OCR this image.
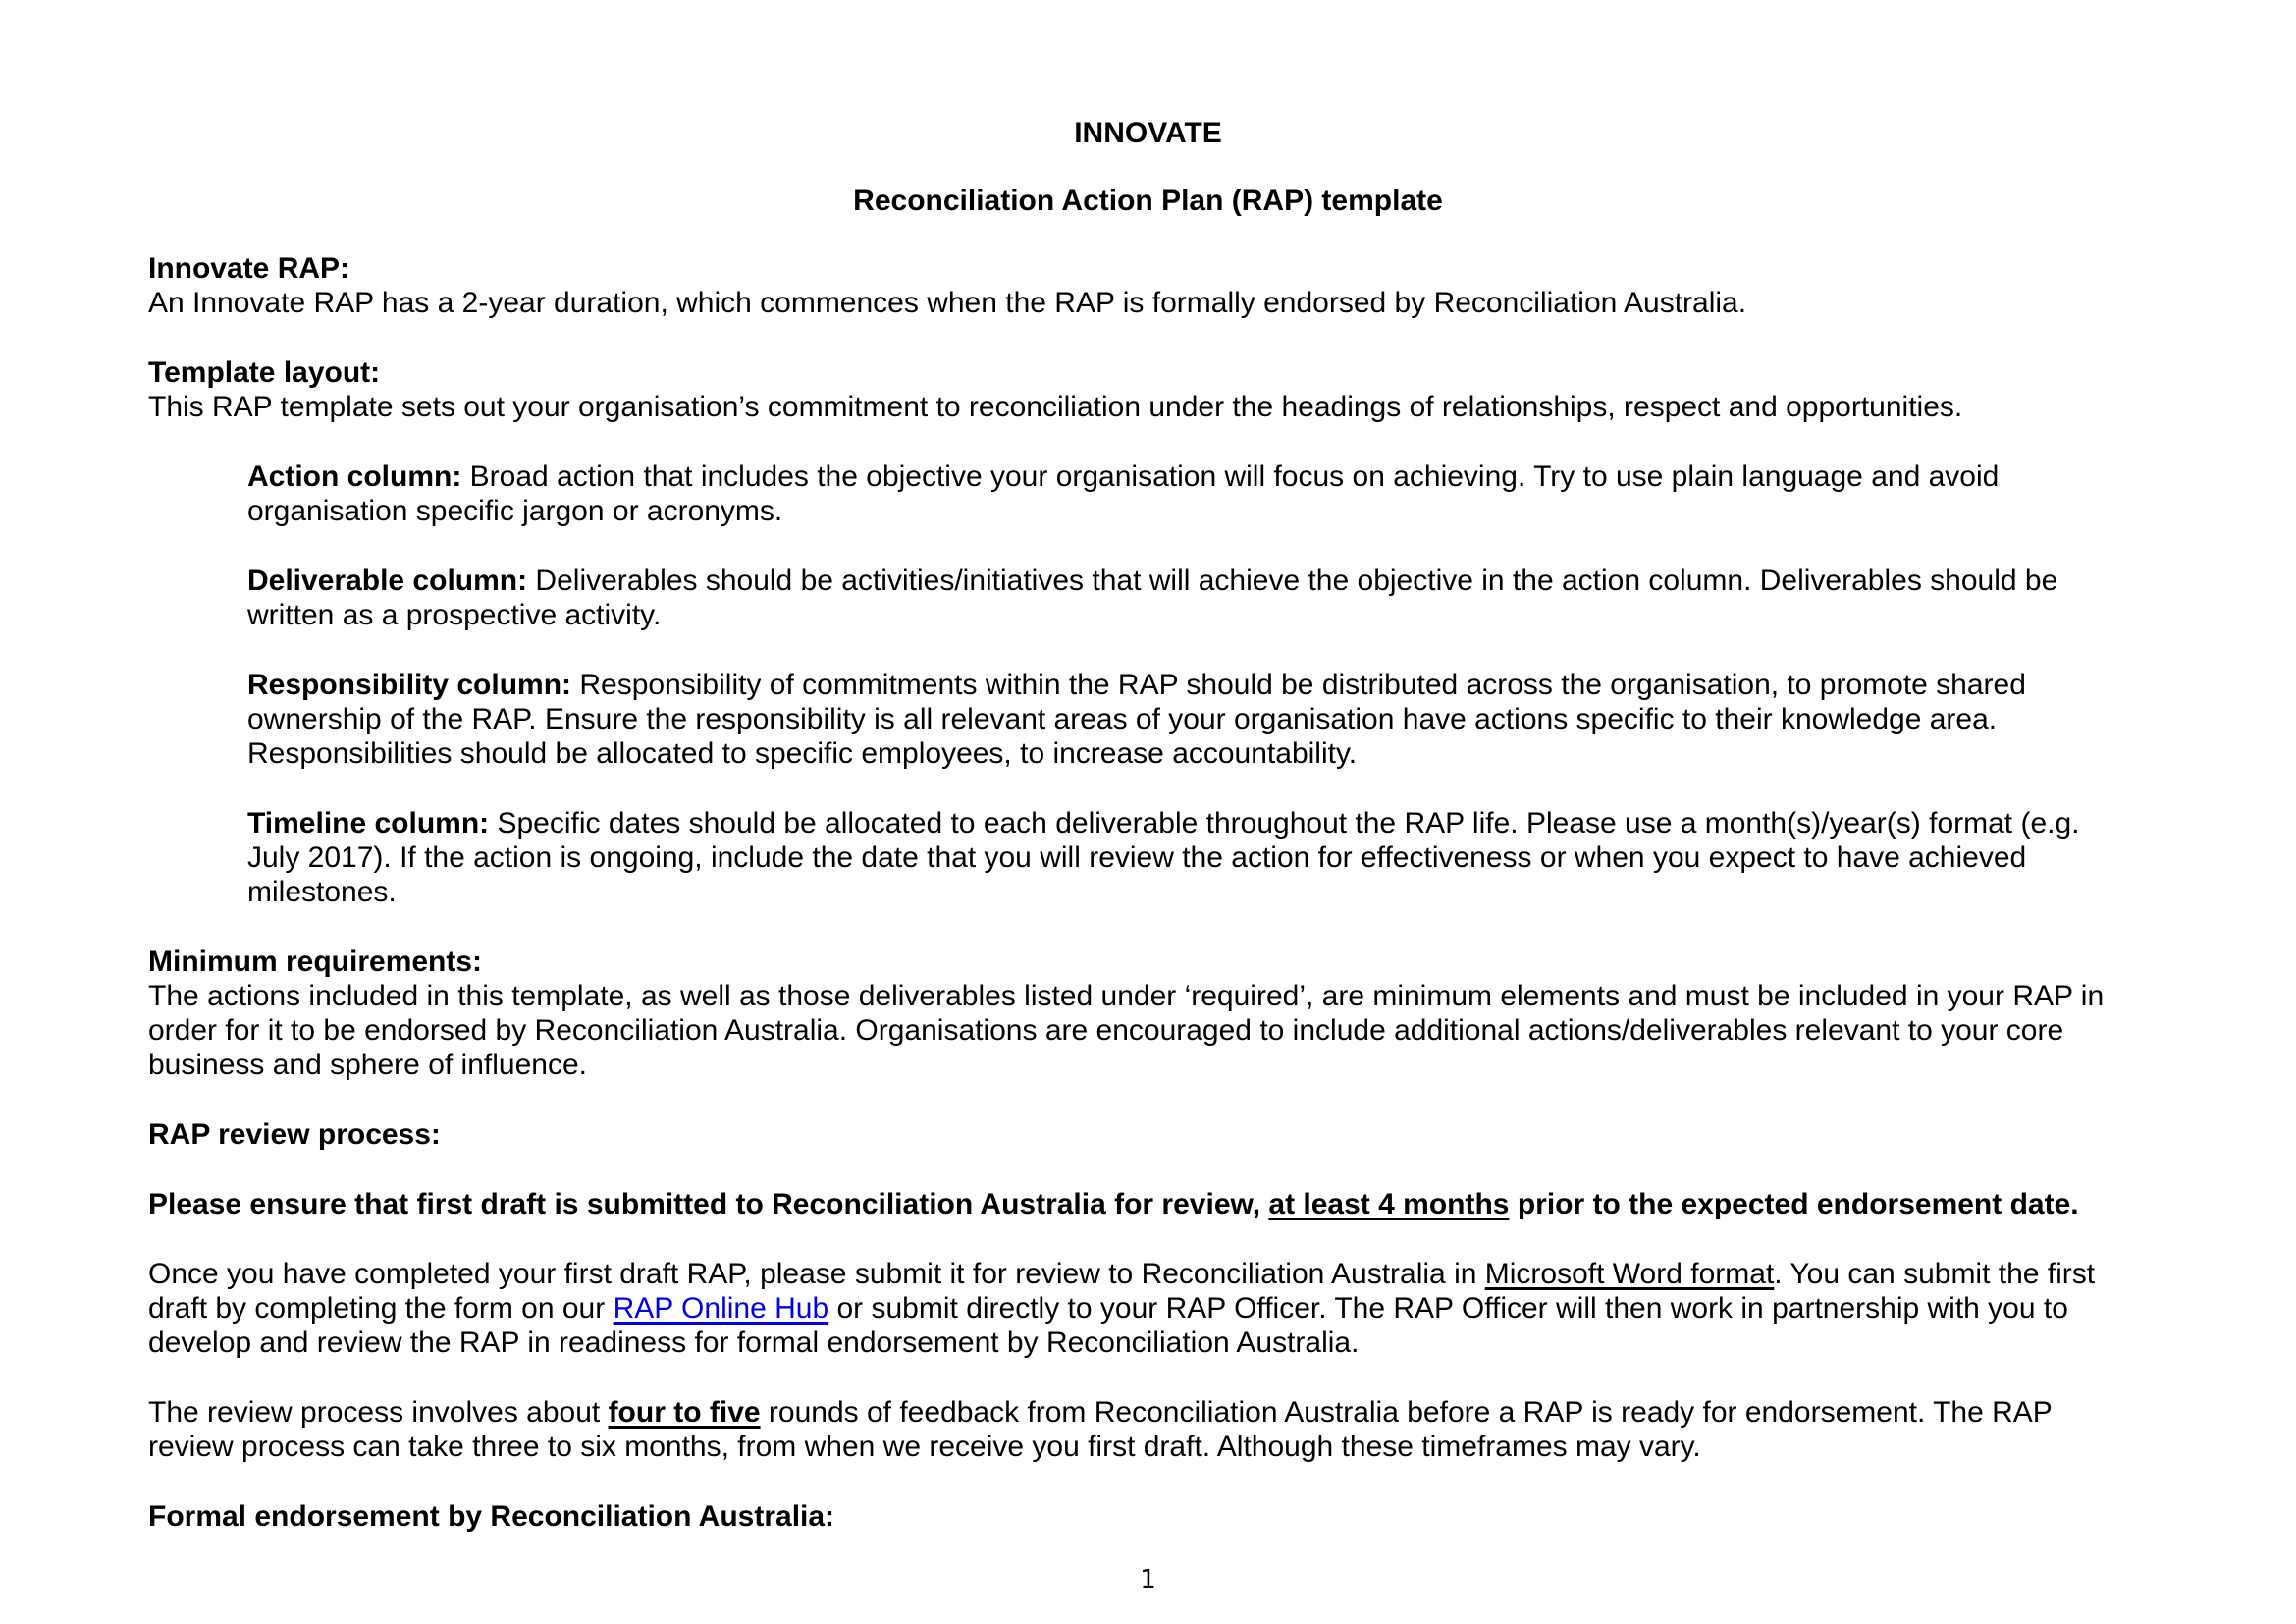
INNOVATE
Reconciliation Action Plan (RAP) template
Innovate RAP:
An Innovate RAP has a 2-year duration, which commences when the RAP is formally endorsed by Reconciliation Australia.
Template layout:
This RAP template sets out your organisation’s commitment to reconciliation under the headings of relationships, respect and opportunities.
Action column: Broad action that includes the objective your organisation will focus on achieving. Try to use plain language and avoid
organisation specific jargon or acronyms.
Deliverable column: Deliverables should be activities/initiatives that will achieve the objective in the action column. Deliverables should be
written as a prospective activity.
Responsibility column: Responsibility of commitments within the RAP should be distributed across the organisation, to promote shared
ownership of the RAP. Ensure the responsibility is all relevant areas of your organisation have actions specific to their knowledge area.
Responsibilities should be allocated to specific employees, to increase accountability.
Timeline column: Specific dates should be allocated to each deliverable throughout the RAP life. Please use a month(s)/year(s) format (e.g.
July 2017). If the action is ongoing, include the date that you will review the action for effectiveness or when you expect to have achieved
milestones.
Minimum requirements:
The actions included in this template, as well as those deliverables listed under ‘required’, are minimum elements and must be included in your RAP in
order for it to be endorsed by Reconciliation Australia. Organisations are encouraged to include additional actions/deliverables relevant to your core
business and sphere of influence.
RAP review process:
Please ensure that first draft is submitted to Reconciliation Australia for review, at least 4 months prior to the expected endorsement date.
Once you have completed your first draft RAP, please submit it for review to Reconciliation Australia in Microsoft Word format. You can submit the first
draft by completing the form on our RAP Online Hub or submit directly to your RAP Officer. The RAP Officer will then work in partnership with you to
develop and review the RAP in readiness for formal endorsement by Reconciliation Australia.
The review process involves about four to five rounds of feedback from Reconciliation Australia before a RAP is ready for endorsement. The RAP
review process can take three to six months, from when we receive you first draft. Although these timeframes may vary.
Formal endorsement by Reconciliation Australia:
1
